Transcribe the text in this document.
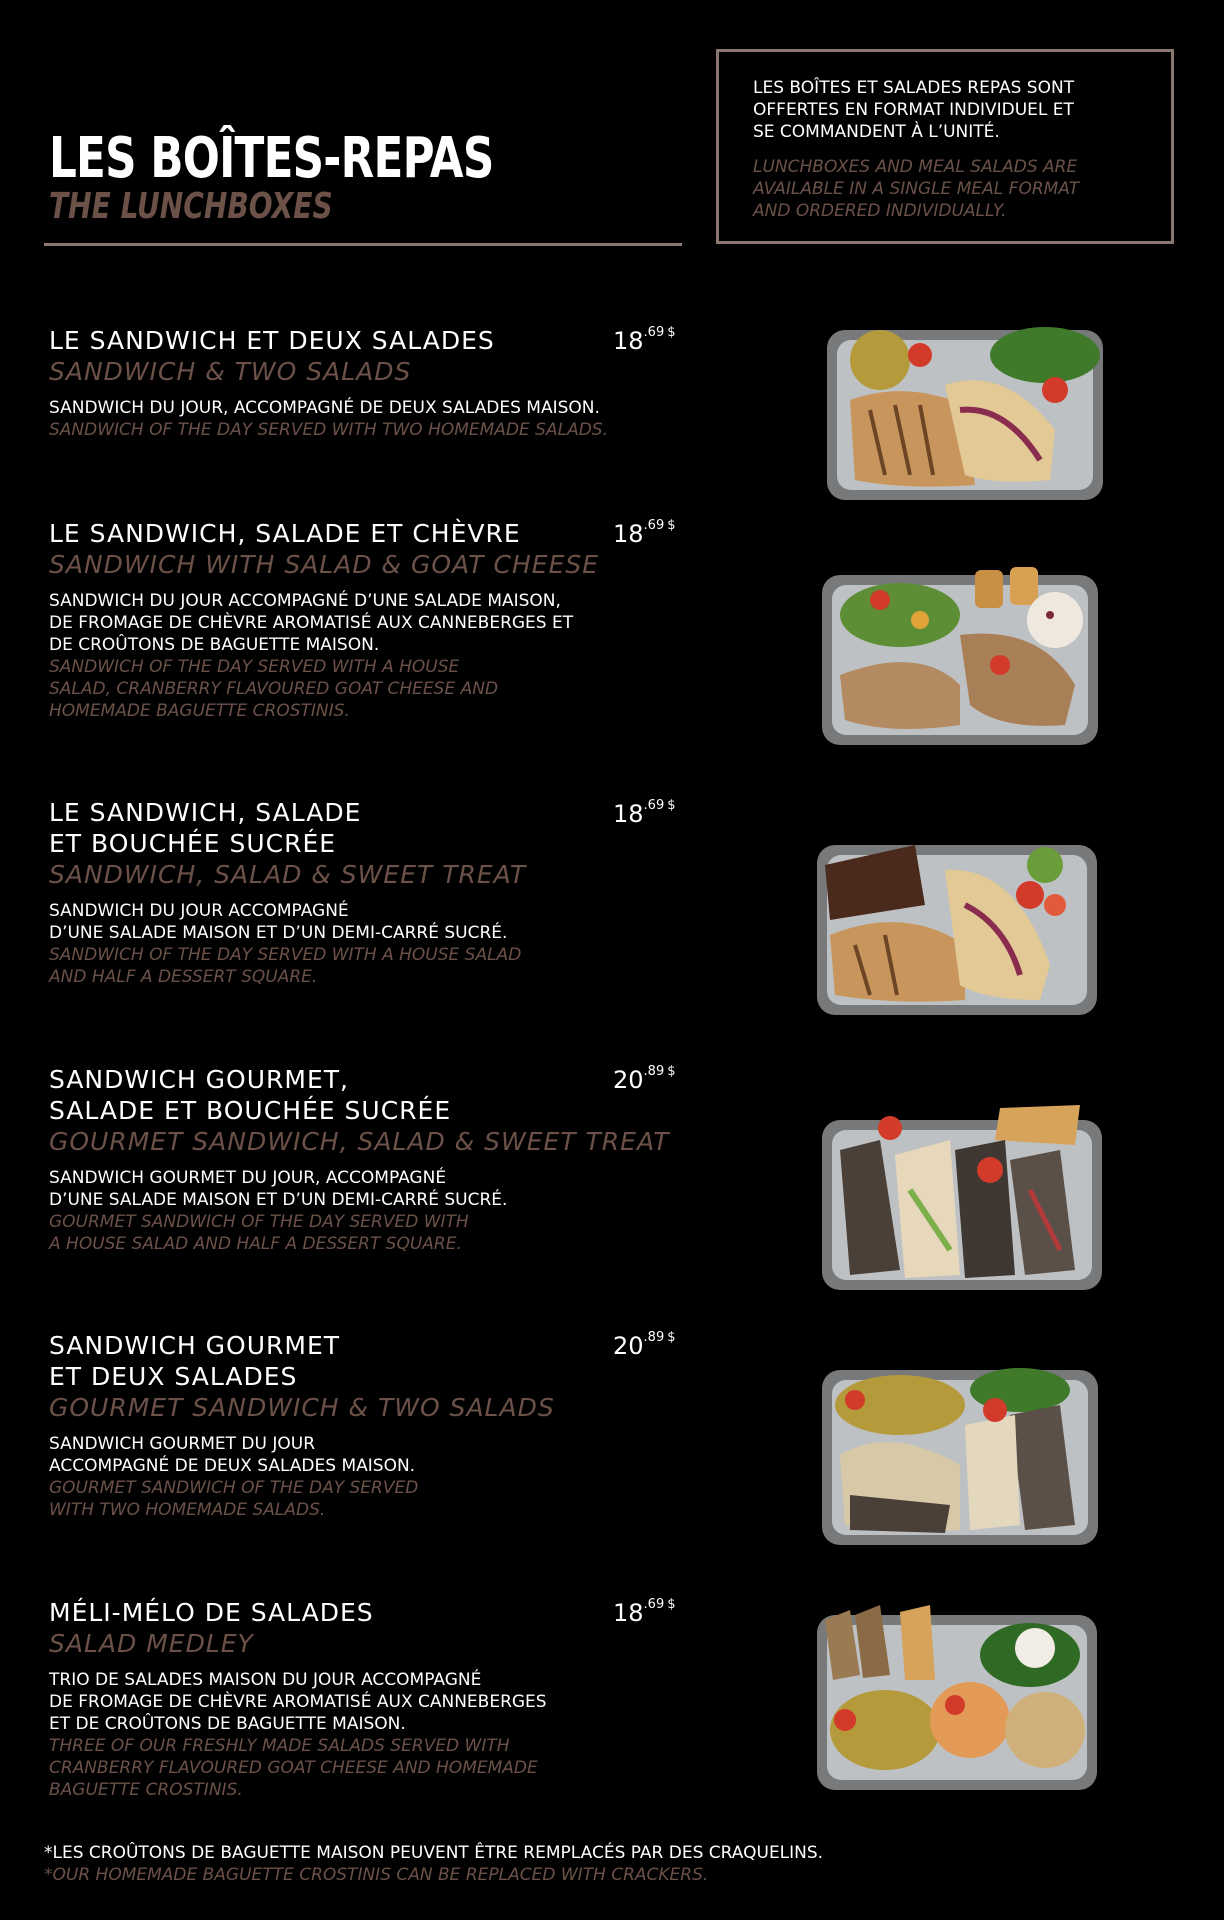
LES BOÎTES-REPAS
THE LUNCHBOXES

LES BOÎTES ET SALADES REPAS SONT
OFFERTES EN FORMAT INDIVIDUEL ET
SE COMMANDENT À L’UNITÉ.

LUNCHBOXES AND MEAL SALADS ARE
AVAILABLE IN A SINGLE MEAL FORMAT
AND ORDERED INDIVIDUALLY.

LE SANDWICH ET DEUX SALADES

SANDWICH & TWO SALADS

SANDWICH DU JOUR, ACCOMPAGNÉ DE DEUX SALADES MAISON.

SANDWICH OF THE DAY SERVED WITH TWO HOMEMADE SALADS.

$18^{.69}$ $

LE SANDWICH, SALADE ET CHÈVRE

SANDWICH WITH SALAD & GOAT CHEESE

SANDWICH DU JOUR ACCOMPAGNÉ D’UNE SALADE MAISON,
DE FROMAGE DE CHÈVRE AROMATISÉ AUX CANNEBERGES ET
DE CROÛTONS DE BAGUETTE MAISON.

SANDWICH OF THE DAY SERVED WITH A HOUSE
SALAD, CRANBERRY FLAVOURED GOAT CHEESE AND
HOMEMADE BAGUETTE CROSTINIS.

$18^{.69}$ $

LE SANDWICH, SALADE
ET BOUCHÉE SUCRÉE

SANDWICH, SALAD & SWEET TREAT

SANDWICH DU JOUR ACCOMPAGNÉ
D’UNE SALADE MAISON ET D’UN DEMI-CARRÉ SUCRÉ.

SANDWICH OF THE DAY SERVED WITH A HOUSE SALAD
AND HALF A DESSERT SQUARE.

$18^{.69}$ $

SANDWICH GOURMET,
SALADE ET BOUCHÉE SUCRÉE

GOURMET SANDWICH, SALAD & SWEET TREAT

SANDWICH GOURMET DU JOUR, ACCOMPAGNÉ
D’UNE SALADE MAISON ET D’UN DEMI-CARRÉ SUCRÉ.

GOURMET SANDWICH OF THE DAY SERVED WITH
A HOUSE SALAD AND HALF A DESSERT SQUARE.

$20^{.89}$ $

SANDWICH GOURMET
ET DEUX SALADES

GOURMET SANDWICH & TWO SALADS

SANDWICH GOURMET DU JOUR
ACCOMPAGNÉ DE DEUX SALADES MAISON.

GOURMET SANDWICH OF THE DAY SERVED
WITH TWO HOMEMADE SALADS.

$20^{.89}$ $

MÉLI-MÉLO DE SALADES

SALAD MEDLEY

TRIO DE SALADES MAISON DU JOUR ACCOMPAGNÉ
DE FROMAGE DE CHÈVRE AROMATISÉ AUX CANNEBERGES
ET DE CROÛTONS DE BAGUETTE MAISON.

THREE OF OUR FRESHLY MADE SALADS SERVED WITH
CRANBERRY FLAVOURED GOAT CHEESE AND HOMEMADE
BAGUETTE CROSTINIS.

$18^{.69}$ $
*LES CROÛTONS DE BAGUETTE MAISON PEUVENT ÊTRE REMPLACÉS PAR DES CRAQUELINS.
*OUR HOMEMADE BAGUETTE CROSTINIS CAN BE REPLACED WITH CRACKERS.
